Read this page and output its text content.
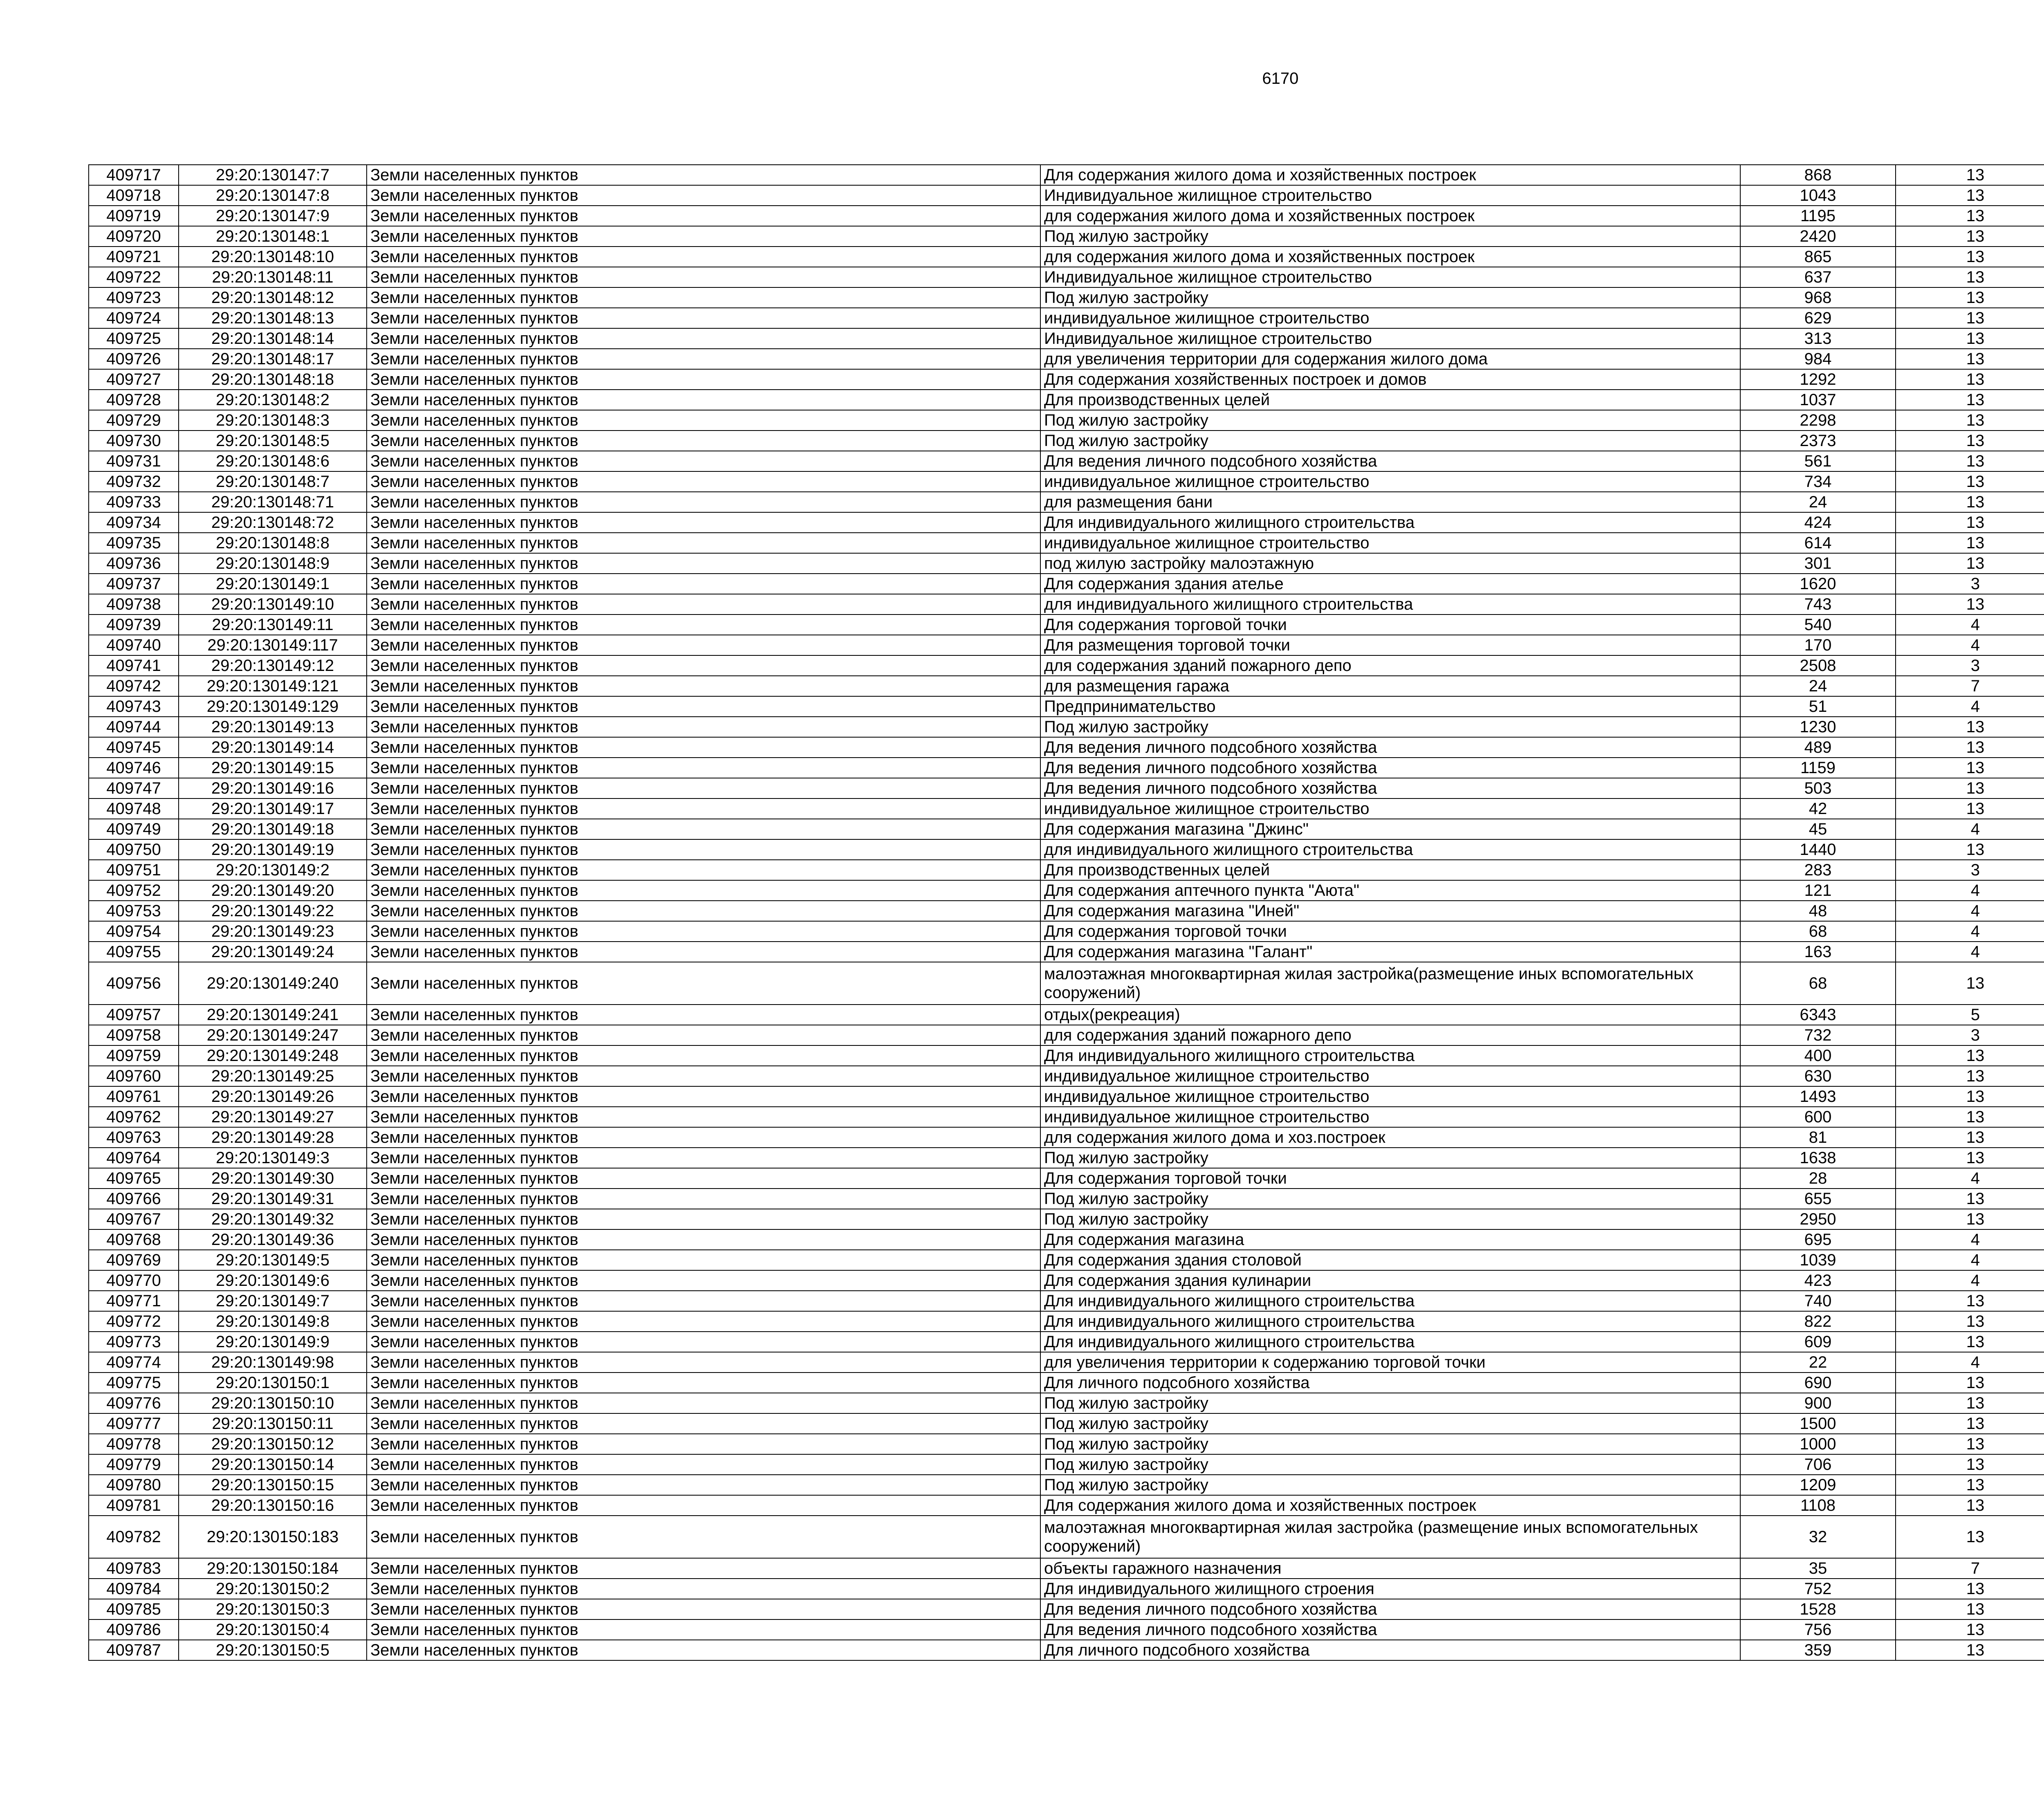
6170
409717	29:20:130147:7	Земли населенных пунктов	Для содержания жилого дома и хозяйственных построек	868	13		
409718	29:20:130147:8	Земли населенных пунктов	Индивидуальное жилищное строительство	1043	13		
409719	29:20:130147:9	Земли населенных пунктов	для содержания жилого дома и хозяйственных построек	1195	13		
409720	29:20:130148:1	Земли населенных пунктов	Под жилую застройку	2420	13		
409721	29:20:130148:10	Земли населенных пунктов	для содержания жилого дома и хозяйственных построек	865	13		
409722	29:20:130148:11	Земли населенных пунктов	Индивидуальное жилищное строительство	637	13		
409723	29:20:130148:12	Земли населенных пунктов	Под жилую застройку	968	13		
409724	29:20:130148:13	Земли населенных пунктов	индивидуальное жилищное строительство	629	13		
409725	29:20:130148:14	Земли населенных пунктов	Индивидуальное жилищное строительство	313	13		
409726	29:20:130148:17	Земли населенных пунктов	для увеличения территории для содержания жилого дома	984	13		
409727	29:20:130148:18	Земли населенных пунктов	Для содержания хозяйственных построек и домов	1292	13		
409728	29:20:130148:2	Земли населенных пунктов	Для производственных целей	1037	13		
409729	29:20:130148:3	Земли населенных пунктов	Под жилую застройку	2298	13		
409730	29:20:130148:5	Земли населенных пунктов	Под жилую застройку	2373	13		
409731	29:20:130148:6	Земли населенных пунктов	Для ведения личного подсобного хозяйства	561	13		
409732	29:20:130148:7	Земли населенных пунктов	индивидуальное жилищное строительство	734	13		
409733	29:20:130148:71	Земли населенных пунктов	для размещения бани	24	13		
409734	29:20:130148:72	Земли населенных пунктов	Для индивидуального жилищного строительства	424	13		
409735	29:20:130148:8	Земли населенных пунктов	индивидуальное жилищное строительство	614	13		
409736	29:20:130148:9	Земли населенных пунктов	под жилую застройку малоэтажную	301	13		
409737	29:20:130149:1	Земли населенных пунктов	Для содержания здания ателье	1620	3		
409738	29:20:130149:10	Земли населенных пунктов	для индивидуального жилищного строительства	743	13		
409739	29:20:130149:11	Земли населенных пунктов	Для содержания торговой точки	540	4		
409740	29:20:130149:117	Земли населенных пунктов	Для размещения торговой точки	170	4		
409741	29:20:130149:12	Земли населенных пунктов	для содержания зданий пожарного депо	2508	3		
409742	29:20:130149:121	Земли населенных пунктов	для размещения гаража	24	7		
409743	29:20:130149:129	Земли населенных пунктов	Предпринимательство	51	4		
409744	29:20:130149:13	Земли населенных пунктов	Под жилую застройку	1230	13		
409745	29:20:130149:14	Земли населенных пунктов	Для ведения личного подсобного хозяйства	489	13		
409746	29:20:130149:15	Земли населенных пунктов	Для ведения личного подсобного хозяйства	1159	13		
409747	29:20:130149:16	Земли населенных пунктов	Для ведения личного подсобного хозяйства	503	13		
409748	29:20:130149:17	Земли населенных пунктов	индивидуальное жилищное строительство	42	13		
409749	29:20:130149:18	Земли населенных пунктов	Для содержания магазина "Джинс"	45	4		
409750	29:20:130149:19	Земли населенных пунктов	для индивидуального жилищного строительства	1440	13		
409751	29:20:130149:2	Земли населенных пунктов	Для производственных целей	283	3		
409752	29:20:130149:20	Земли населенных пунктов	Для содержания аптечного пункта "Аюта"	121	4		
409753	29:20:130149:22	Земли населенных пунктов	Для содержания магазина "Иней"	48	4		
409754	29:20:130149:23	Земли населенных пунктов	Для содержания торговой точки	68	4		
409755	29:20:130149:24	Земли населенных пунктов	Для содержания магазина "Галант"	163	4		
409756	29:20:130149:240	Земли населенных пунктов	малоэтажная многоквартирная жилая застройка(размещение иных вспомогательных сооружений)	68	13		
409757	29:20:130149:241	Земли населенных пунктов	отдых(рекреация)	6343	5		
409758	29:20:130149:247	Земли населенных пунктов	для содержания зданий пожарного депо	732	3		
409759	29:20:130149:248	Земли населенных пунктов	Для индивидуального жилищного строительства	400	13		
409760	29:20:130149:25	Земли населенных пунктов	индивидуальное жилищное строительство	630	13		
409761	29:20:130149:26	Земли населенных пунктов	индивидуальное жилищное строительство	1493	13		
409762	29:20:130149:27	Земли населенных пунктов	индивидуальное жилищное строительство	600	13		
409763	29:20:130149:28	Земли населенных пунктов	для содержания жилого дома и хоз.построек	81	13		
409764	29:20:130149:3	Земли населенных пунктов	Под жилую застройку	1638	13		
409765	29:20:130149:30	Земли населенных пунктов	Для содержания торговой точки	28	4		
409766	29:20:130149:31	Земли населенных пунктов	Под жилую застройку	655	13		
409767	29:20:130149:32	Земли населенных пунктов	Под жилую застройку	2950	13		
409768	29:20:130149:36	Земли населенных пунктов	Для содержания магазина	695	4		
409769	29:20:130149:5	Земли населенных пунктов	Для содержания здания столовой	1039	4		
409770	29:20:130149:6	Земли населенных пунктов	Для содержания здания кулинарии	423	4		
409771	29:20:130149:7	Земли населенных пунктов	Для индивидуального жилищного строительства	740	13		
409772	29:20:130149:8	Земли населенных пунктов	Для индивидуального жилищного строительства	822	13		
409773	29:20:130149:9	Земли населенных пунктов	Для индивидуального жилищного строительства	609	13		
409774	29:20:130149:98	Земли населенных пунктов	для увеличения территории к содержанию торговой точки	22	4		
409775	29:20:130150:1	Земли населенных пунктов	Для личного подсобного хозяйства	690	13		
409776	29:20:130150:10	Земли населенных пунктов	Под жилую застройку	900	13		
409777	29:20:130150:11	Земли населенных пунктов	Под жилую застройку	1500	13		
409778	29:20:130150:12	Земли населенных пунктов	Под жилую застройку	1000	13		
409779	29:20:130150:14	Земли населенных пунктов	Под жилую застройку	706	13		
409780	29:20:130150:15	Земли населенных пунктов	Под жилую застройку	1209	13		
409781	29:20:130150:16	Земли населенных пунктов	Для содержания жилого дома и хозяйственных построек	1108	13		
409782	29:20:130150:183	Земли населенных пунктов	малоэтажная многоквартирная жилая застройка (размещение иных вспомогательных сооружений)	32	13		
409783	29:20:130150:184	Земли населенных пунктов	объекты гаражного назначения	35	7		
409784	29:20:130150:2	Земли населенных пунктов	Для индивидуального жилищного строения	752	13		
409785	29:20:130150:3	Земли населенных пунктов	Для ведения личного подсобного хозяйства	1528	13		
409786	29:20:130150:4	Земли населенных пунктов	Для ведения личного подсобного хозяйства	756	13		
409787	29:20:130150:5	Земли населенных пунктов	Для личного подсобного хозяйства	359	13		
